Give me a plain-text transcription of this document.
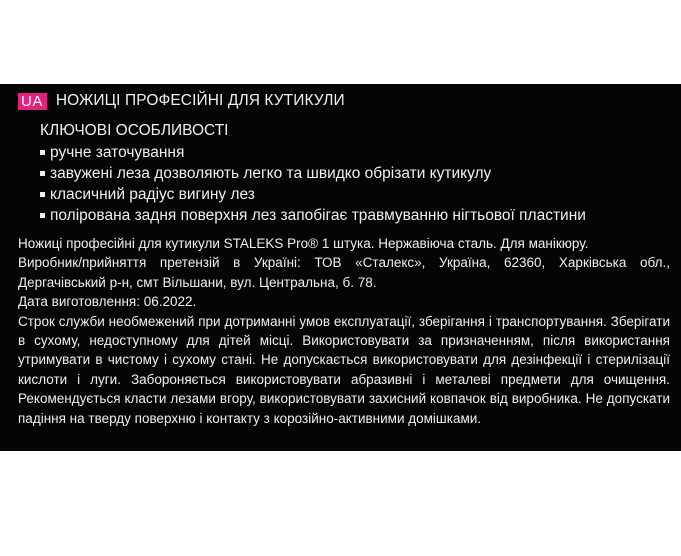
UA НОЖИЦІ ПРОФЕСІЙНІ ДЛЯ КУТИКУЛИ
КЛЮЧОВІ ОСОБЛИВОСТІ
ручне заточування
завужені леза дозволяють легко та швидко обрізати кутикулу
класичний радіус вигину лез
полірована задня поверхня лез запобігає травмуванню нігтьової пластини

Ножиці професійні для кутикули STALEKS Pro® 1 штука. Нержавіюча сталь. Для манікюру.

Виробник/прийняття претензій в Україні: ТОВ «Сталекс», Україна, 62360, Харківська обл., Дергачівський р-н, смт Вільшани, вул. Центральна, б. 78.

Дата виготовлення: 06.2022.

Строк служби необмежений при дотриманні умов експлуатації, зберігання і транспортування. Зберігати в сухому, недоступному для дітей місці. Використовувати за призначенням, після використання утримувати в чистому і сухому стані. Не допускається використовувати для дезінфекції і стерилізації кислоти і луги. Забороняється використовувати абразивні і металеві предмети для очищення. Рекомендується класти лезами вгору, використовувати захисний ковпачок від виробника. Не допускати падіння на тверду поверхню і контакту з корозійно-активними домішками.
